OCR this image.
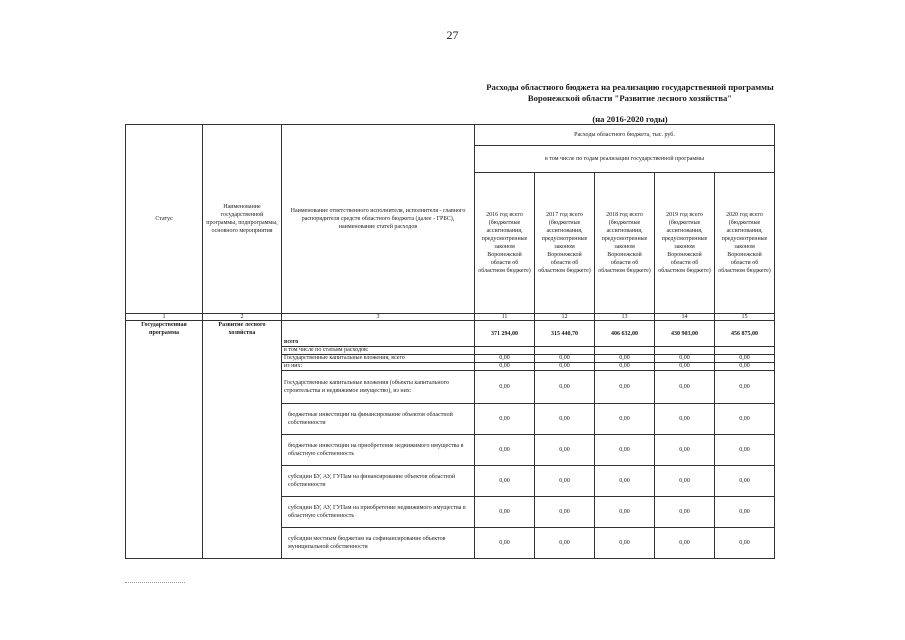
27
Расходы областного бюджета на реализацию государственной программы Воронежской области "Развитие лесного хозяйства"
(на 2016-2020 годы)
Статус	Наименование государственной программы, подпрограммы, основного мероприятия	Наименование ответственного исполнителя, исполнителя - главного распорядителя средств областного бюджета (далее - ГРБС), наименование статей расходов	Расходы областного бюджета, тыс. руб.				
			в том числе по годам реализации государственной программы				
			2016 год всего (бюджетные ассигнования, предусмотренные законом Воронежской области об областном бюджете)	2017 год всего (бюджетные ассигнования, предусмотренные законом Воронежской области об областном бюджете)	2018 год всего (бюджетные ассигнования, предусмотренные законом Воронежской области об областном бюджете)	2019 год всего (бюджетные ассигнования, предусмотренные законом Воронежской области об областном бюджете)	2020 год всего (бюджетные ассигнования, предусмотренные законом Воронежской области об областном бюджете)
1	2	3	11	12	13	14	15
Государственная программа	Развитие лесного хозяйства	всего	371 294,00	315 440,70	406 632,00	430 903,00	456 875,00
		в том числе по статьям расходов:					
		Государственные капитальные вложения, всего	0,00	0,00	0,00	0,00	0,00
		из них:	0,00	0,00	0,00	0,00	0,00
		Государственные капитальные вложения (объекты капитального строительства и недвижимое имущество), из них:	0,00	0,00	0,00	0,00	0,00
		бюджетные инвестиции на финансирование объектов областной собственности	0,00	0,00	0,00	0,00	0,00
		бюджетные инвестиции на приобретение недвижимого имущества в областную собственность	0,00	0,00	0,00	0,00	0,00
		субсидии БУ, АУ, ГУПам на финансирование объектов областной собственности	0,00	0,00	0,00	0,00	0,00
		субсидии БУ, АУ, ГУПам на приобретение недвижимого имущества в областную собственность	0,00	0,00	0,00	0,00	0,00
		субсидии местным бюджетам на софинансирование объектов муниципальной собственности	0,00	0,00	0,00	0,00	0,00
